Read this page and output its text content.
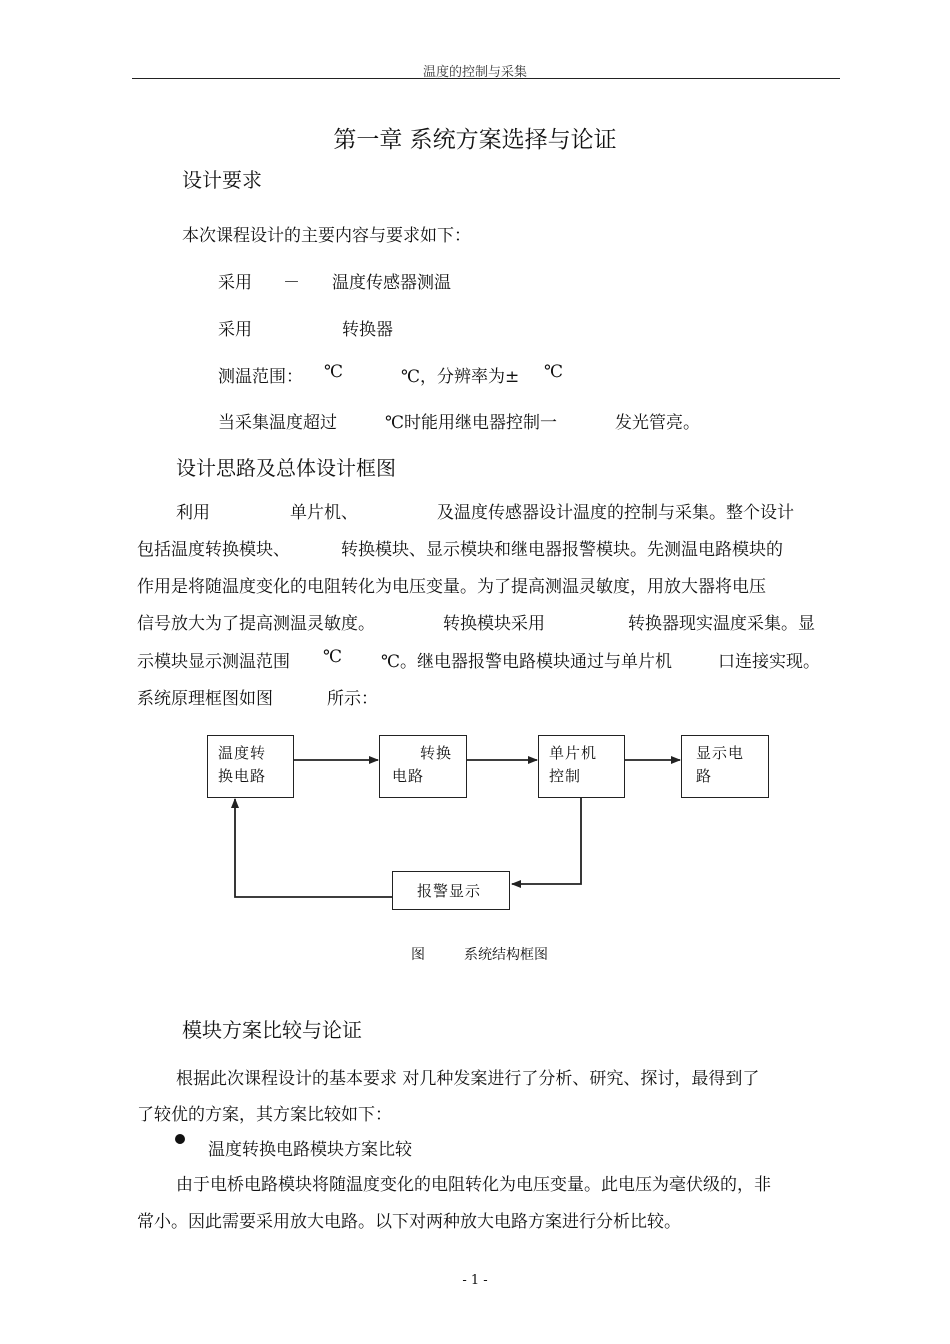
温度的控制与采集
第一章 系统方案选择与论证
设计要求
本次课程设计的主要内容与要求如下：
采用 － 温度传感器测温
采用	转换器
测温范围： ℃	℃，分辨率为± ℃
当采集温度超过	℃时能用继电器控制一	发光管亮。
设计思路及总体设计框图
利用	单片机、	及温度传感器设计温度的控制与采集。整个设计
包括温度转换模块、	转换模块、显示模块和继电器报警模块。先测温电路模块的
作用是将随温度变化的电阻转化为电压变量。为了提高测温灵敏度，用放大器将电压
信号放大为了提高测温灵敏度。	转换模块采用	转换器现实温度采集。显
示模块显示测温范围 ℃ ℃。继电器报警电路模块通过与单片机	口连接实现。
系统原理框图如图	所示：
温度转
换电路
转换
电路
单片机
控制
显示电
路
报警显示
图	系统结构框图
模块方案比较与论证
根据此次课程设计的基本要求 对几种发案进行了分析、研究、探讨，最得到了
了较优的方案，其方案比较如下：
温度转换电路模块方案比较
由于电桥电路模块将随温度变化的电阻转化为电压变量。此电压为毫伏级的，非
常小。因此需要采用放大电路。以下对两种放大电路方案进行分析比较。
- 1 -
